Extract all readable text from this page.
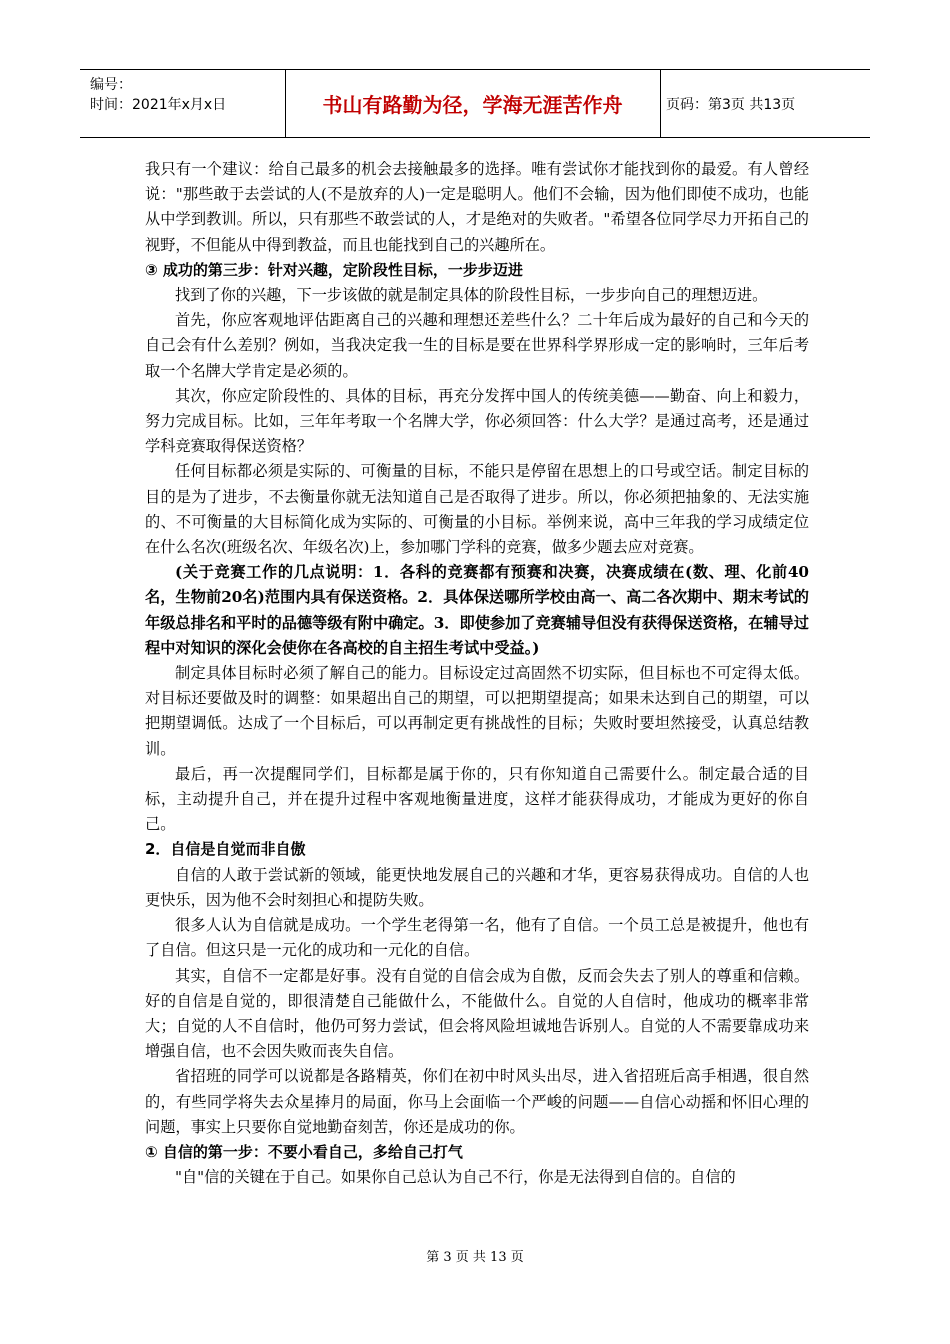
编号：
时间：2021年x月x日	书山有路勤为径，学海无涯苦作舟	页码：第3页 共13页

我只有一个建议：给自己最多的机会去接触最多的选择。唯有尝试你才能找到你的最爱。有人曾经说："那些敢于去尝试的人(不是放弃的人)一定是聪明人。他们不会输，因为他们即使不成功，也能从中学到教训。所以，只有那些不敢尝试的人，才是绝对的失败者。"希望各位同学尽力开拓自己的视野，不但能从中得到教益，而且也能找到自己的兴趣所在。

③ 成功的第三步：针对兴趣，定阶段性目标，一步步迈进

找到了你的兴趣，下一步该做的就是制定具体的阶段性目标，一步步向自己的理想迈进。

首先，你应客观地评估距离自己的兴趣和理想还差些什么？二十年后成为最好的自己和今天的自己会有什么差别？例如，当我决定我一生的目标是要在世界科学界形成一定的影响时，三年后考取一个名牌大学肯定是必须的。

其次，你应定阶段性的、具体的目标，再充分发挥中国人的传统美德——勤奋、向上和毅力，努力完成目标。比如，三年年考取一个名牌大学，你必须回答：什么大学？是通过高考，还是通过学科竞赛取得保送资格？

任何目标都必须是实际的、可衡量的目标，不能只是停留在思想上的口号或空话。制定目标的目的是为了进步，不去衡量你就无法知道自己是否取得了进步。所以，你必须把抽象的、无法实施的、不可衡量的大目标简化成为实际的、可衡量的小目标。举例来说，高中三年我的学习成绩定位在什么名次(班级名次、年级名次)上，参加哪门学科的竞赛，做多少题去应对竞赛。

(关于竞赛工作的几点说明：1．各科的竞赛都有预赛和决赛，决赛成绩在(数、理、化前40名，生物前20名)范围内具有保送资格。2．具体保送哪所学校由高一、高二各次期中、期末考试的年级总排名和平时的品德等级有附中确定。3．即使参加了竞赛辅导但没有获得保送资格，在辅导过程中对知识的深化会使你在各高校的自主招生考试中受益。)

制定具体目标时必须了解自己的能力。目标设定过高固然不切实际，但目标也不可定得太低。对目标还要做及时的调整：如果超出自己的期望，可以把期望提高；如果未达到自己的期望，可以把期望调低。达成了一个目标后，可以再制定更有挑战性的目标；失败时要坦然接受，认真总结教训。

最后，再一次提醒同学们，目标都是属于你的，只有你知道自己需要什么。制定最合适的目标，主动提升自己，并在提升过程中客观地衡量进度，这样才能获得成功，才能成为更好的你自己。

2．自信是自觉而非自傲

自信的人敢于尝试新的领域，能更快地发展自己的兴趣和才华，更容易获得成功。自信的人也更快乐，因为他不会时刻担心和提防失败。

很多人认为自信就是成功。一个学生老得第一名，他有了自信。一个员工总是被提升，他也有了自信。但这只是一元化的成功和一元化的自信。

其实，自信不一定都是好事。没有自觉的自信会成为自傲，反而会失去了别人的尊重和信赖。好的自信是自觉的，即很清楚自己能做什么，不能做什么。自觉的人自信时，他成功的概率非常大；自觉的人不自信时，他仍可努力尝试，但会将风险坦诚地告诉别人。自觉的人不需要靠成功来增强自信，也不会因失败而丧失自信。

省招班的同学可以说都是各路精英，你们在初中时风头出尽，进入省招班后高手相遇，很自然的，有些同学将失去众星捧月的局面，你马上会面临一个严峻的问题——自信心动摇和怀旧心理的问题，事实上只要你自觉地勤奋刻苦，你还是成功的你。

① 自信的第一步：不要小看自己，多给自己打气

"自"信的关键在于自己。如果你自己总认为自己不行，你是无法得到自信的。自信的

第 3 页 共 13 页
